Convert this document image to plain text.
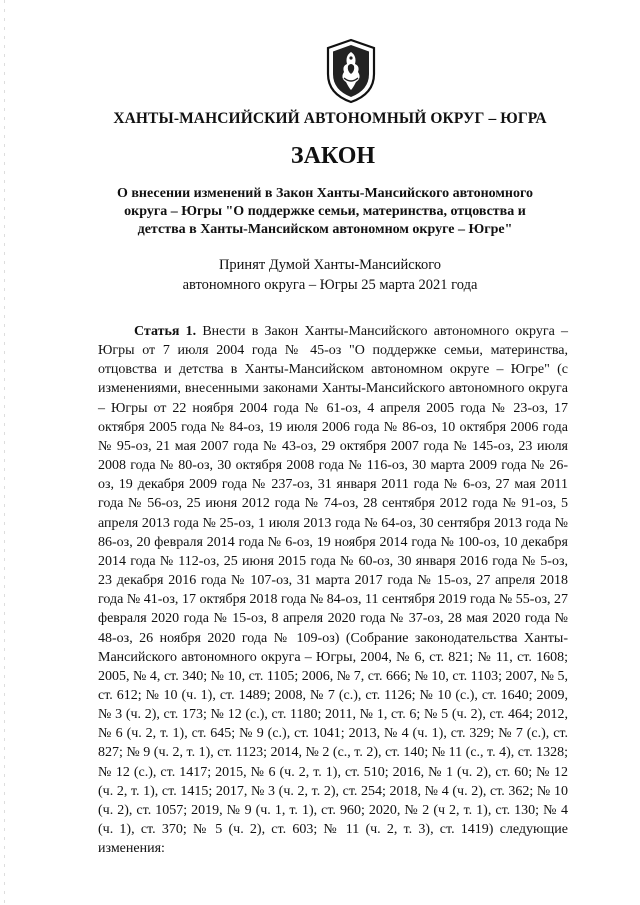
ХАНТЫ-МАНСИЙСКИЙ АВТОНОМНЫЙ ОКРУГ – ЮГРА
ЗАКОН
О внесении изменений в Закон Ханты-Мансийского автономного округа – Югры "О поддержке семьи, материнства, отцовства и детства в Ханты-Мансийском автономном округе – Югре"
Принят Думой Ханты-Мансийского
автономного округа – Югры 25 марта 2021 года
Статья 1. Внести в Закон Ханты-Мансийского автономного округа – Югры от 7 июля 2004 года № 45-оз "О поддержке семьи, материнства, отцовства и детства в Ханты-Мансийском автономном округе – Югре" (с изменениями, внесенными законами Ханты-Мансийского автономного округа – Югры от 22 ноября 2004 года № 61-оз, 4 апреля 2005 года № 23-оз, 17 октября 2005 года № 84-оз, 19 июля 2006 года № 86-оз, 10 октября 2006 года № 95-оз, 21 мая 2007 года № 43-оз, 29 октября 2007 года № 145-оз, 23 июля 2008 года № 80-оз, 30 октября 2008 года № 116-оз, 30 марта 2009 года № 26-оз, 19 декабря 2009 года № 237-оз, 31 января 2011 года № 6-оз, 27 мая 2011 года № 56-оз, 25 июня 2012 года № 74-оз, 28 сентября 2012 года № 91-оз, 5 апреля 2013 года № 25-оз, 1 июля 2013 года № 64-оз, 30 сентября 2013 года № 86-оз, 20 февраля 2014 года № 6-оз, 19 ноября 2014 года № 100-оз, 10 декабря 2014 года № 112-оз, 25 июня 2015 года № 60-оз, 30 января 2016 года № 5-оз, 23 декабря 2016 года № 107-оз, 31 марта 2017 года № 15-оз, 27 апреля 2018 года № 41-оз, 17 октября 2018 года № 84-оз, 11 сентября 2019 года № 55-оз, 27 февраля 2020 года № 15-оз, 8 апреля 2020 года № 37-оз, 28 мая 2020 года № 48-оз, 26 ноября 2020 года № 109-оз) (Собрание законодательства Ханты-Мансийского автономного округа – Югры, 2004, № 6, ст. 821; № 11, ст. 1608; 2005, № 4, ст. 340; № 10, ст. 1105; 2006, № 7, ст. 666; № 10, ст. 1103; 2007, № 5, ст. 612; № 10 (ч. 1), ст. 1489; 2008, № 7 (с.), ст. 1126; № 10 (с.), ст. 1640; 2009, № 3 (ч. 2), ст. 173; № 12 (с.), ст. 1180; 2011, № 1, ст. 6; № 5 (ч. 2), ст. 464; 2012, № 6 (ч. 2, т. 1), ст. 645; № 9 (с.), ст. 1041; 2013, № 4 (ч. 1), ст. 329; № 7 (с.), ст. 827; № 9 (ч. 2, т. 1), ст. 1123; 2014, № 2 (с., т. 2), ст. 140; № 11 (с., т. 4), ст. 1328; № 12 (с.), ст. 1417; 2015, № 6 (ч. 2, т. 1), ст. 510; 2016, № 1 (ч. 2), ст. 60; № 12 (ч. 2, т. 1), ст. 1415; 2017, № 3 (ч. 2, т. 2), ст. 254; 2018, № 4 (ч. 2), ст. 362; № 10 (ч. 2), ст. 1057; 2019, № 9 (ч. 1, т. 1), ст. 960; 2020, № 2 (ч 2, т. 1), ст. 130; № 4 (ч. 1), ст. 370; № 5 (ч. 2), ст. 603; № 11 (ч. 2, т. 3), ст. 1419) следующие изменения:
